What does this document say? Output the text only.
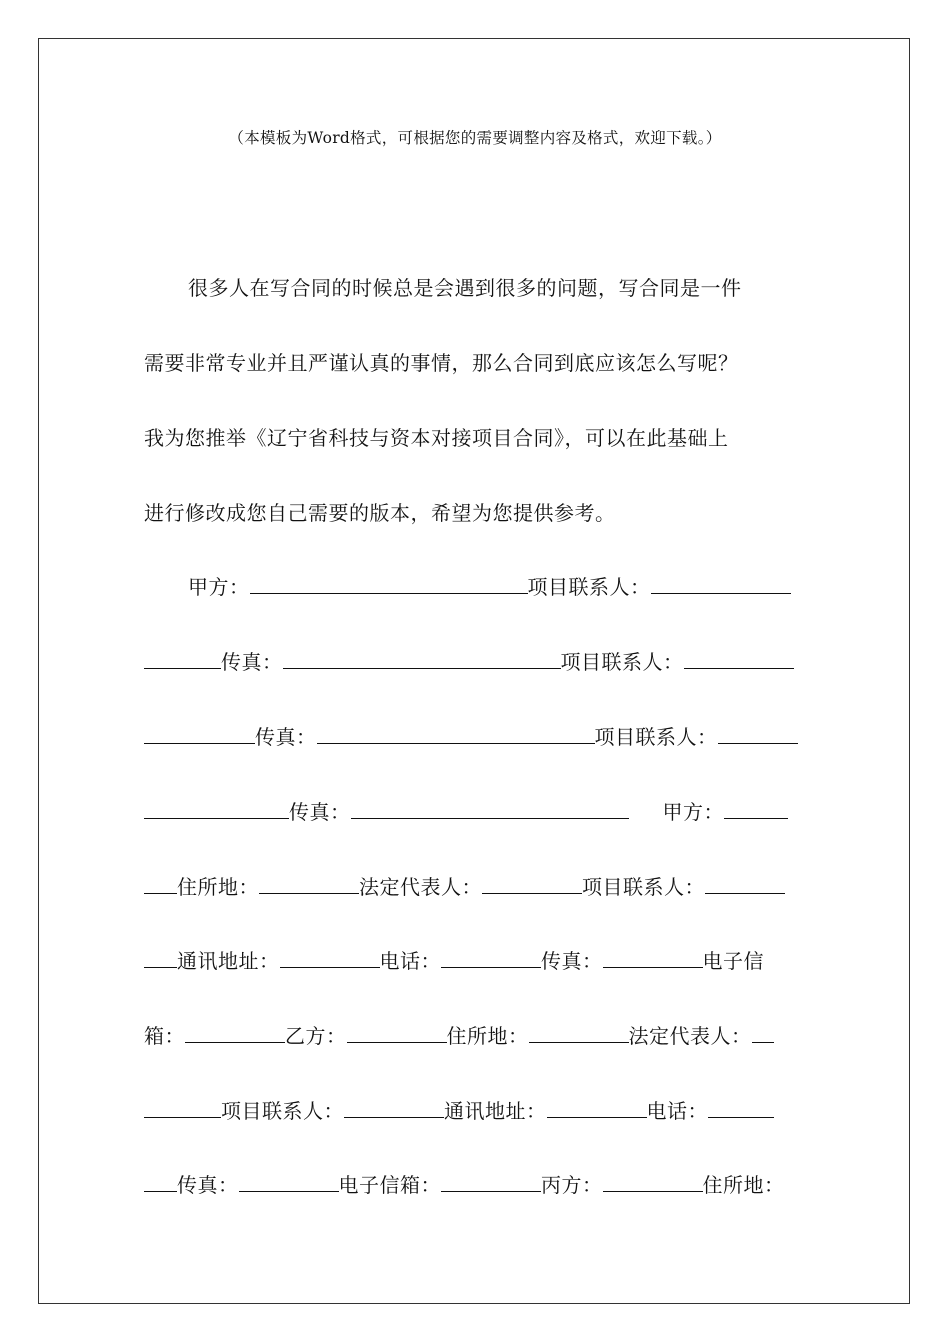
（本模板为Word格式，可根据您的需要调整内容及格式，欢迎下载。）
很多人在写合同的时候总是会遇到很多的问题，写合同是一件
需要非常专业并且严谨认真的事情，那么合同到底应该怎么写呢？
我为您推举《辽宁省科技与资本对接项目合同》，可以在此基础上
进行修改成您自己需要的版本，希望为您提供参考。
甲方：	项目联系人：
传真：	项目联系人：
传真：	项目联系人：
传真：	甲方：
住所地：	法定代表人：	项目联系人：
通讯地址：	电话：	传真：	电子信
箱：	乙方：	住所地：	法定代表人：
项目联系人：	通讯地址：	电话：
传真：	电子信箱：	丙方：	住所地：
